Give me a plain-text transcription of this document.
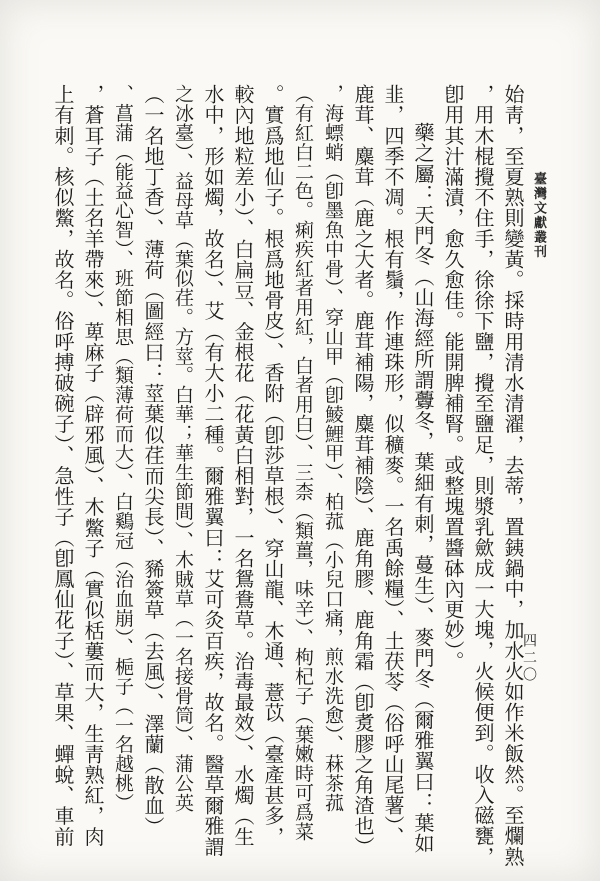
臺灣文獻叢刊
四二〇
始靑，至夏熟則變黃。採時用清水清濯，去蒂，置銕鍋中，加水火如作米飯然。至爛熟
，用木棍攪不住手，徐徐下鹽，攪至鹽足，則漿乳歛成一大塊，火候便到。收入磁甕，
卽用其汁滿漬，愈久愈佳。能開脾補腎。或整塊置醬砵內更妙）。
藥之屬：天門冬（山海經所謂虋冬，葉細有刺，蔓生）、麥門冬（爾雅翼曰：葉如
韭，四季不凋。根有鬚，作連珠形，似穬麥。一名禹餘糧）、土茯苓（俗呼山尾薯）、
鹿茸、麋茸（鹿之大者。鹿茸補陽，麋茸補陰）、鹿角膠、鹿角霜（卽煑膠之角渣也）
，海螵蛸（卽墨魚中骨）、穿山甲（卽鯪鯉甲）、柏菰（小兒口痛，煎水洗愈）、菻茶菰
（有紅白二色。痢疾紅者用紅，白者用白）、三柰（類薑，味辛）、枸杞子（葉嫩時可爲菜
。實爲地仙子。根爲地骨皮）、香附（卽莎草根）、穿山龍、木通、薏苡（臺產甚多，
較內地粒差小）、白扁豆、金根花（花黃白相對，一名鴛鴦草。治毒最效）、水燭（生
水中，形如燭，故名）、艾（有大小二種。爾雅翼曰：艾可灸百疾，故名。醫草爾雅謂
之冰臺）、益母草（葉似荏。方莖。白華；華生節間）、木賊草（一名接骨筒）、蒲公英
（一名地丁香）、薄荷（圖經曰：莖葉似荏而尖長）、豨簽草（去風）、澤蘭（散血）
、菖蒲（能益心智）、班節相思（類薄荷而大）、白鷄冠（治血崩）、梔子（一名越桃）
，蒼耳子（土名羊帶來）、萆麻子（辟邪風）、木鱉子（實似栝蔞而大，生靑熟紅，肉
上有刺。核似鱉，故名。俗呼搏破碗子）、急性子（卽鳳仙花子）、草果、蟬蛻、車前
